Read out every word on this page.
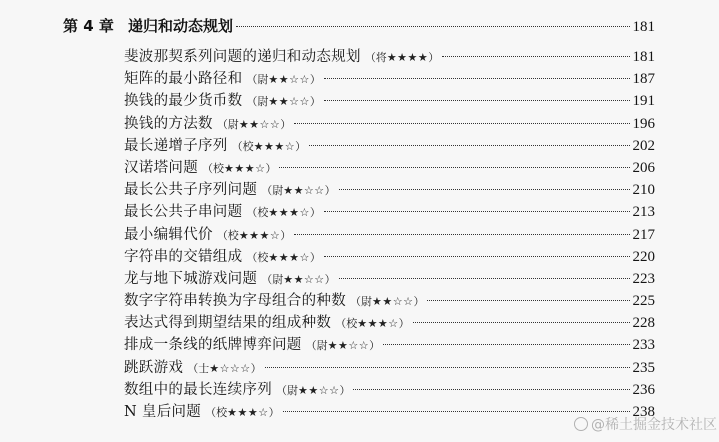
第 4 章 递归和动态规划	181
斐波那契系列问题的递归和动态规划 （将★★★★）	181
矩阵的最小路径和 （尉★★☆☆）	187
换钱的最少货币数 （尉★★☆☆）	191
换钱的方法数 （尉★★☆☆）	196
最长递增子序列 （校★★★☆）	202
汉诺塔问题 （校★★★☆）	206
最长公共子序列问题 （尉★★☆☆）	210
最长公共子串问题 （校★★★☆）	213
最小编辑代价 （校★★★☆）	217
字符串的交错组成 （校★★★☆）	220
龙与地下城游戏问题 （尉★★☆☆）	223
数字字符串转换为字母组合的种数 （尉★★☆☆）	225
表达式得到期望结果的组成种数 （校★★★☆）	228
排成一条线的纸牌博弈问题 （尉★★☆☆）	233
跳跃游戏 （士★☆☆☆）	235
数组中的最长连续序列 （尉★★☆☆）	236
N 皇后问题 （校★★★☆）	238
@稀土掘金技术社区
